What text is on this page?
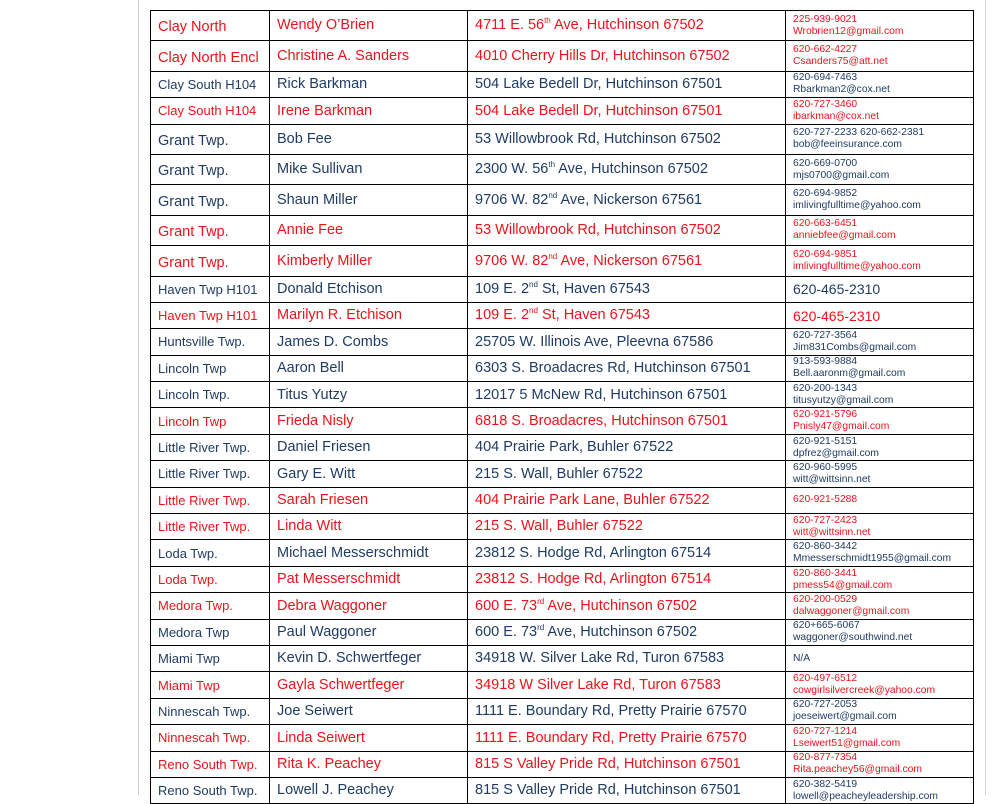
Clay North	Wendy O’Brien	4711 E. 56th Ave, Hutchinson 67502	225-939-9021
Wrobrien12@gmail.com

Clay North Encl	Christine A. Sanders	4010 Cherry Hills Dr, Hutchinson 67502	620-662-4227
Csanders75@att.net

Clay South H104	Rick Barkman	504 Lake Bedell Dr, Hutchinson 67501	620-694-7463
Rbarkman2@cox.net

Clay South H104	Irene Barkman	504 Lake Bedell Dr, Hutchinson 67501	620-727-3460
ibarkman@cox.net

Grant Twp.	Bob Fee	53 Willowbrook Rd, Hutchinson 67502	620-727-2233 620-662-2381
bob@feeinsurance.com

Grant Twp.	Mike Sullivan	2300 W. 56th Ave, Hutchinson 67502	620-669-0700
mjs0700@gmail.com

Grant Twp.	Shaun Miller	9706 W. 82nd Ave, Nickerson 67561	620-694-9852
imlivingfulltime@yahoo.com

Grant Twp.	Annie Fee	53 Willowbrook Rd, Hutchinson 67502	620-663-6451
anniebfee@gmail.com

Grant Twp.	Kimberly Miller	9706 W. 82nd Ave, Nickerson 67561	620-694-9851
imlivingfulltime@yahoo.com

Haven Twp H101	Donald Etchison	109 E. 2nd St, Haven 67543	620-465-2310

Haven Twp H101	Marilyn R. Etchison	109 E. 2nd St, Haven 67543	620-465-2310

Huntsville Twp.	James D. Combs	25705 W. Illinois Ave, Pleevna 67586	620-727-3564
Jim831Combs@gmail.com

Lincoln Twp	Aaron Bell	6303 S. Broadacres Rd, Hutchinson 67501	913-593-9884
Bell.aaronm@gmail.com

Lincoln Twp.	Titus Yutzy	12017 5 McNew Rd, Hutchinson 67501	620-200-1343
titusyutzy@gmail.com

Lincoln Twp	Frieda Nisly	6818 S. Broadacres, Hutchinson 67501	620-921-5796
Pnisly47@gmail.com

Little River Twp.	Daniel Friesen	404 Prairie Park, Buhler 67522	620-921-5151
dpfrez@gmail.com

Little River Twp.	Gary E. Witt	215 S. Wall, Buhler 67522	620-960-5995
witt@wittsinn.net

Little River Twp.	Sarah Friesen	404 Prairie Park Lane, Buhler 67522	620-921-5288

Little River Twp.	Linda Witt	215 S. Wall, Buhler 67522	620-727-2423
witt@wittsinn.net

Loda Twp.	Michael Messerschmidt	23812 S. Hodge Rd, Arlington 67514	620-860-3442
Mmesserschmidt1955@gmail.com

Loda Twp.	Pat Messerschmidt	23812 S. Hodge Rd, Arlington 67514	620-860-3441
pmess54@gmail.com

Medora Twp.	Debra Waggoner	600 E. 73rd Ave, Hutchinson 67502	620-200-0529
dalwaggoner@gmail.com

Medora Twp	Paul Waggoner	600 E. 73rd Ave, Hutchinson 67502	620+665-6067
waggoner@southwind.net

Miami Twp	Kevin D. Schwertfeger	34918 W. Silver Lake Rd, Turon 67583	N/A

Miami Twp	Gayla Schwertfeger	34918 W Silver Lake Rd, Turon 67583	620-497-6512
cowgirlsilvercreek@yahoo.com

Ninnescah Twp.	Joe Seiwert	1111 E. Boundary Rd, Pretty Prairie 67570	620-727-2053
joeseiwert@gmail.com

Ninnescah Twp.	Linda Seiwert	1111 E. Boundary Rd, Pretty Prairie 67570	620-727-1214
Lseiwert51@gmail.com

Reno South Twp.	Rita K. Peachey	815 S Valley Pride Rd, Hutchinson 67501	620-877-7354
Rita.peachey56@gmail.com

Reno South Twp.	Lowell J. Peachey	815 S Valley Pride Rd, Hutchinson 67501	620-382-5419
lowell@peacheyleadership.com
